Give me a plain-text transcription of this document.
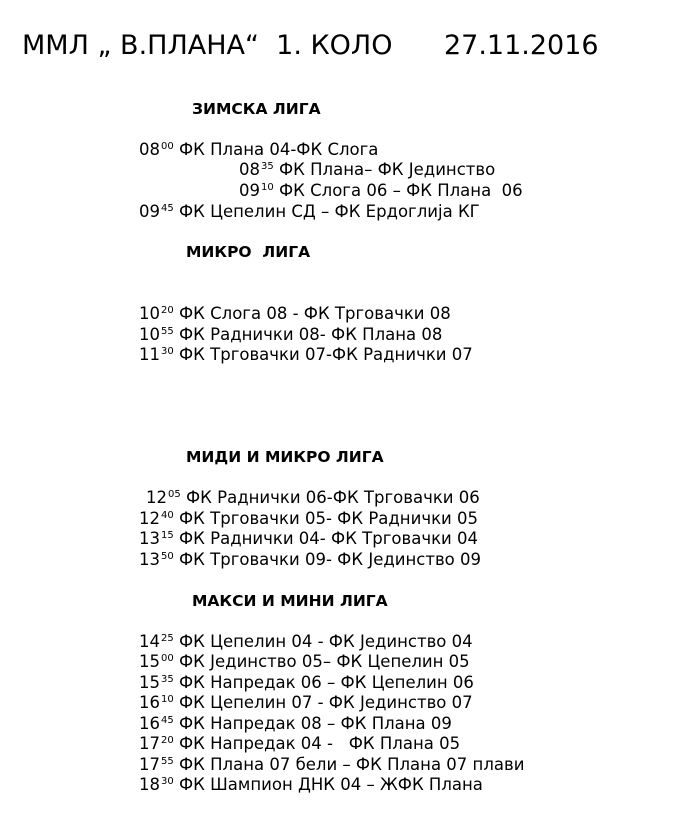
ММЛ „ В.ПЛАНА“  1. КОЛО      27.11.2016
ЗИМСКА ЛИГА
$08^{00}$ ФК Плана 04-ФК Слога
$08^{35}$ ФК Плана– ФК Јединство
$09^{10}$ ФК Слога 06 – ФК Плана  06
$09^{45}$ ФК Цепелин СД – ФК Ердоглија КГ
МИКРО  ЛИГА
$10^{20}$ ФК Слога 08 - ФК Трговачки 08
$10^{55}$ ФК Раднички 08- ФК Плана 08
$11^{30}$ ФК Трговачки 07-ФК Раднички 07
МИДИ И МИКРО ЛИГА
$12^{05}$ ФК Раднички 06-ФК Трговачки 06
$12^{40}$ ФК Трговачки 05- ФК Раднички 05
$13^{15}$ ФК Раднички 04- ФК Трговачки 04
$13^{50}$ ФК Трговачки 09- ФК Јединство 09
МАКСИ И МИНИ ЛИГА
$14^{25}$ ФК Цепелин 04 - ФК Јединство 04
$15^{00}$ ФК Јединство 05– ФК Цепелин 05
$15^{35}$ ФК Напредак 06 – ФК Цепелин 06
$16^{10}$ ФК Цепелин 07 - ФК Јединство 07
$16^{45}$ ФК Напредак 08 – ФК Плана 09
$17^{20}$ ФК Напредак 04 -   ФК Плана 05
$17^{55}$ ФК Плана 07 бели – ФК Плана 07 плави
$18^{30}$ ФК Шампион ДНК 04 – ЖФК Плана
